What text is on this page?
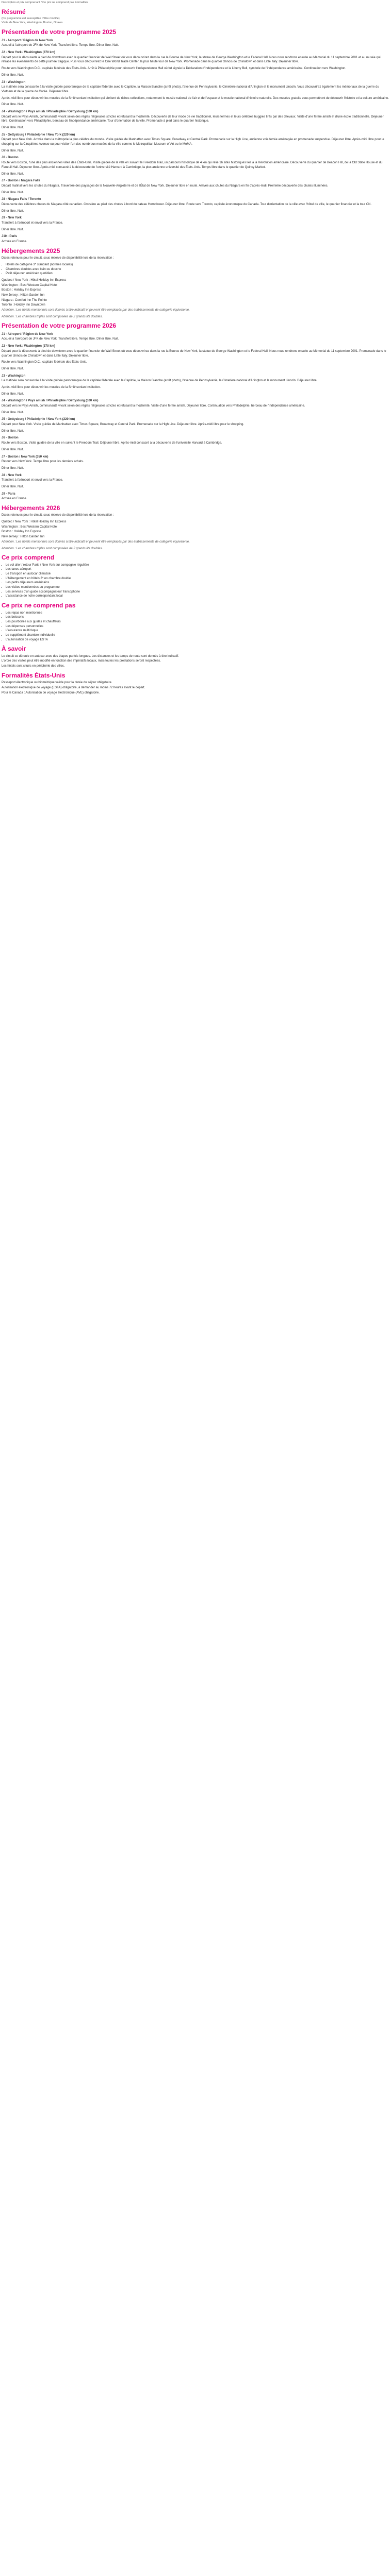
Description et prix comprenant / Ce prix ne comprend pas Formalités

Résumé

(Ce programme est susceptible d'être modifié)

Visite de New York, Washington, Boston, Ottawa

Présentation de votre programme 2025
J1 - Aéroport / Région de New York

Accueil à l'aéroport de JFK de New York. Transfert libre. Temps libre. Dîner libre. Nuit.

J2 - New York / Washington (370 km)

Départ pour la découverte à pied de downtown avec le quartier financier de Wall Street où vous découvrirez dans la rue la Bourse de New York, la statue de George Washington et le Federal Hall. Nous nous rendrons ensuite au Mémorial du 11 septembre 2001 et au musée qui retrace les événements de cette journée tragique. Puis vous découvrirez le One World Trade Center, la plus haute tour de New York. Promenade dans le quartier chinois de Chinatown et dans Little Italy. Déjeuner libre.

Route vers Washington D.C., capitale fédérale des États-Unis. Arrêt à Philadelphie pour découvrir l'Independence Hall où fut signée la Déclaration d'Indépendance et la Liberty Bell, symbole de l'indépendance américaine. Continuation vers Washington.

Dîner libre. Nuit.

J3 - Washington

La matinée sera consacrée à la visite guidée panoramique de la capitale fédérale avec le Capitole, la Maison Blanche (arrêt photo), l'avenue de Pennsylvanie, le Cimetière national d'Arlington et le monument Lincoln. Vous découvrirez également les mémoriaux de la guerre du Vietnam et de la guerre de Corée. Déjeuner libre.

Après-midi libre pour découvrir les musées de la Smithsonian Institution qui abritent de riches collections, notamment le musée national de l'air et de l'espace et le musée national d'histoire naturelle. Des musées gratuits vous permettront de découvrir l'histoire et la culture américaine.

Dîner libre. Nuit.

J4 - Washington / Pays amish / Philadelphie / Gettysburg (520 km)

Départ vers le Pays Amish, communauté vivant selon des règles religieuses strictes et refusant la modernité. Découverte de leur mode de vie traditionnel, leurs fermes et leurs célèbres buggies tirés par des chevaux. Visite d'une ferme amish et d'une école traditionnelle. Déjeuner libre. Continuation vers Philadelphie, berceau de l'indépendance américaine. Tour d'orientation de la ville. Promenade à pied dans le quartier historique.

Dîner libre. Nuit.

J5 - Gettysburg / Philadelphie / New York (220 km)

Départ pour New York. Arrivée dans la métropole la plus célèbre du monde. Visite guidée de Manhattan avec Times Square, Broadway et Central Park. Promenade sur la High Line, ancienne voie ferrée aménagée en promenade suspendue. Déjeuner libre. Après-midi libre pour le shopping sur la Cinquième Avenue ou pour visiter l'un des nombreux musées de la ville comme le Metropolitan Museum of Art ou le MoMA.

Dîner libre. Nuit.

J6 - Boston

Route vers Boston, l'une des plus anciennes villes des États-Unis. Visite guidée de la ville en suivant le Freedom Trail, un parcours historique de 4 km qui relie 16 sites historiques liés à la Révolution américaine. Découverte du quartier de Beacon Hill, de la Old State House et du Faneuil Hall. Déjeuner libre. Après-midi consacré à la découverte de l'université Harvard à Cambridge, la plus ancienne université des États-Unis. Temps libre dans le quartier de Quincy Market.

Dîner libre. Nuit.

J7 - Boston / Niagara Falls

Départ matinal vers les chutes du Niagara. Traversée des paysages de la Nouvelle-Angleterre et de l'État de New York. Déjeuner libre en route. Arrivée aux chutes du Niagara en fin d'après-midi. Première découverte des chutes illuminées.

Dîner libre. Nuit.

J8 - Niagara Falls / Toronto

Découverte des célèbres chutes du Niagara côté canadien. Croisière au pied des chutes à bord du bateau Hornblower. Déjeuner libre. Route vers Toronto, capitale économique du Canada. Tour d'orientation de la ville avec l'hôtel de ville, le quartier financier et la tour CN.

Dîner libre. Nuit.

J9 - New York

Transfert à l'aéroport et envol vers la France.

Dîner libre. Nuit.

J10 - Paris

Arrivée en France.

Hébergements 2025

Dates retenues pour le circuit, sous réserve de disponibilité lors de la réservation :

• Hôtels de catégorie 3* standard (normes locales)
• Chambres doubles avec bain ou douche
• Petit déjeuner américain quotidien

Quebec / New York : Hôtel Holiday Inn Express

Washington : Best Western Capital Hotel

Boston : Holiday Inn Express

New Jersey : Hilton Garden Inn

Niagara : Comfort Inn The Pointe

Toronto : Holiday Inn Downtown

Attention : Les hôtels mentionnés sont donnés à titre indicatif et peuvent être remplacés par des établissements de catégorie équivalente.

Attention : Les chambres triples sont composées de 2 grands lits doubles.

Présentation de votre programme 2026
J1 - Aéroport / Région de New York

Accueil à l'aéroport de JFK de New York. Transfert libre. Temps libre. Dîner libre. Nuit.

J2 - New York / Washington (370 km)

Départ pour la découverte à pied de downtown avec le quartier financier de Wall Street où vous découvrirez dans la rue la Bourse de New York, la statue de George Washington et le Federal Hall. Nous nous rendrons ensuite au Mémorial du 11 septembre 2001. Promenade dans le quartier chinois de Chinatown et dans Little Italy. Déjeuner libre.

Route vers Washington D.C., capitale fédérale des États-Unis.

Dîner libre. Nuit.

J3 - Washington

La matinée sera consacrée à la visite guidée panoramique de la capitale fédérale avec le Capitole, la Maison Blanche (arrêt photo), l'avenue de Pennsylvanie, le Cimetière national d'Arlington et le monument Lincoln. Déjeuner libre.

Après-midi libre pour découvrir les musées de la Smithsonian Institution.

Dîner libre. Nuit.

J4 - Washington / Pays amish / Philadelphie / Gettysburg (520 km)

Départ vers le Pays Amish, communauté vivant selon des règles religieuses strictes et refusant la modernité. Visite d'une ferme amish. Déjeuner libre. Continuation vers Philadelphie, berceau de l'indépendance américaine.

Dîner libre. Nuit.

J5 - Gettysburg / Philadelphie / New York (220 km)

Départ pour New York. Visite guidée de Manhattan avec Times Square, Broadway et Central Park. Promenade sur la High Line. Déjeuner libre. Après-midi libre pour le shopping.

Dîner libre. Nuit.

J6 - Boston

Route vers Boston. Visite guidée de la ville en suivant le Freedom Trail. Déjeuner libre. Après-midi consacré à la découverte de l'université Harvard à Cambridge.

Dîner libre. Nuit.

J7 - Boston / New York (350 km)

Retour vers New York. Temps libre pour les derniers achats.

Dîner libre. Nuit.

J8 - New York

Transfert à l'aéroport et envol vers la France.

Dîner libre. Nuit.

J9 - Paris

Arrivée en France.

Hébergements 2026

Dates retenues pour le circuit, sous réserve de disponibilité lors de la réservation :

Quebec / New York : Hôtel Holiday Inn Express

Washington : Best Western Capital Hotel

Boston : Holiday Inn Express

New Jersey : Hilton Garden Inn

Attention : Les hôtels mentionnés sont donnés à titre indicatif et peuvent être remplacés par des établissements de catégorie équivalente.

Attention : Les chambres triples sont composées de 2 grands lits doubles.

Ce prix comprend
• Le vol aller / retour Paris / New York sur compagnie régulière
• Les taxes aéroport
• Le transport en autocar climatisé
• L'hébergement en hôtels 3* en chambre double
• Les petits déjeuners américains
• Les visites mentionnées au programme
• Les services d'un guide accompagnateur francophone
• L'assistance de notre correspondant local
Ce prix ne comprend pas
• Les repas non mentionnés
• Les boissons
• Les pourboires aux guides et chauffeurs
• Les dépenses personnelles
• L'assurance multirisque
• Le supplément chambre individuelle
• L'autorisation de voyage ESTA
À savoir

Le circuit se déroule en autocar avec des étapes parfois longues. Les distances et les temps de route sont donnés à titre indicatif.

L'ordre des visites peut être modifié en fonction des impératifs locaux, mais toutes les prestations seront respectées.

Les hôtels sont situés en périphérie des villes.

Formalités États-Unis

Passeport électronique ou biométrique valide pour la durée du séjour obligatoire.

Autorisation électronique de voyage (ESTA) obligatoire, à demander au moins 72 heures avant le départ.

Pour le Canada : Autorisation de voyage électronique (AVE) obligatoire.
